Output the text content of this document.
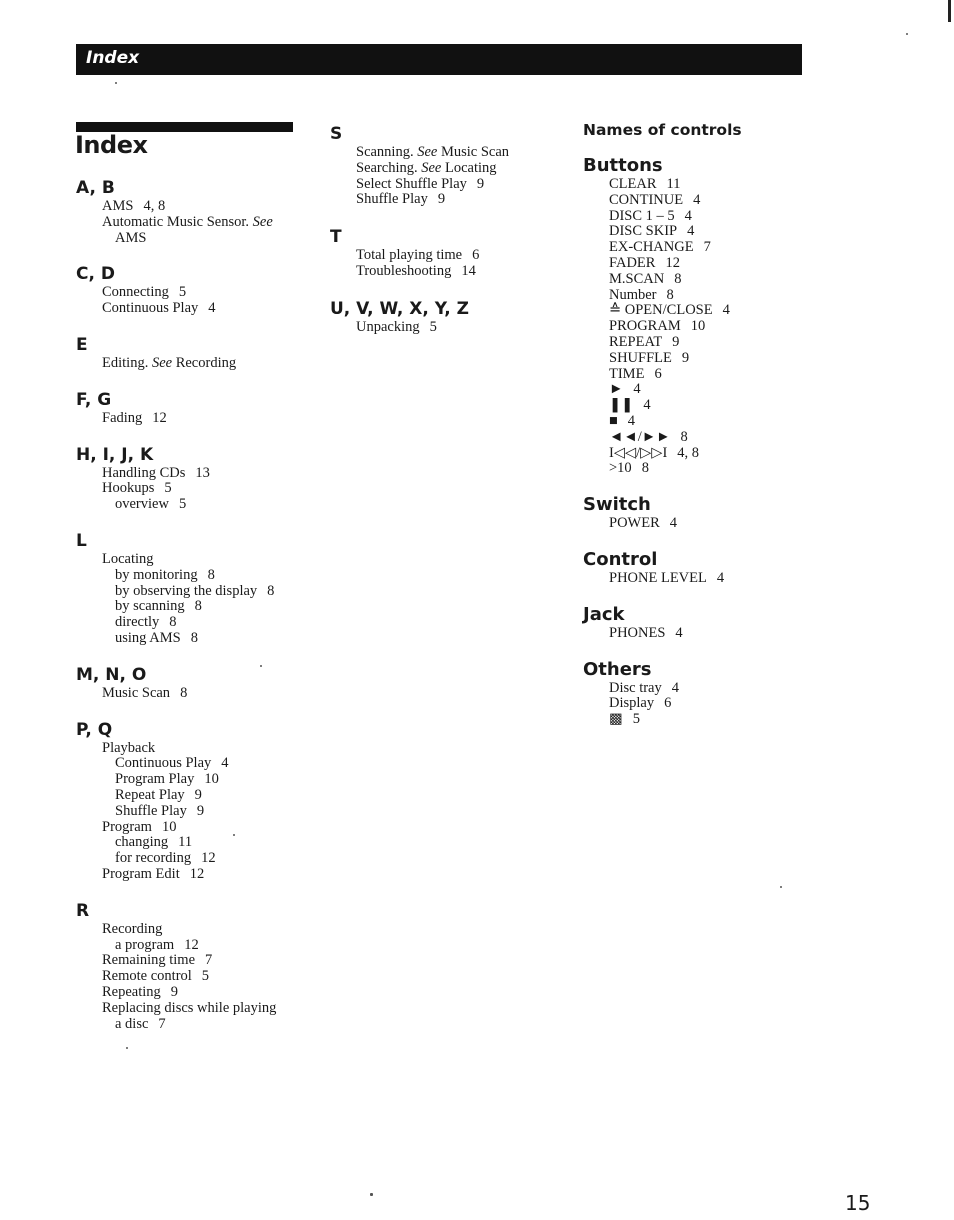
Index
Index
A, B
AMS 4, 8
Automatic Music Sensor. See
AMS
C, D
Connecting 5
Continuous Play 4
E
Editing. See Recording
F, G
Fading 12
H, I, J, K
Handling CDs 13
Hookups 5
overview 5
L
Locating
by monitoring 8
by observing the display 8
by scanning 8
directly 8
using AMS 8
M, N, O
Music Scan 8
P, Q
Playback
Continuous Play 4
Program Play 10
Repeat Play 9
Shuffle Play 9
Program 10
changing 11
for recording 12
Program Edit 12
R
Recording
a program 12
Remaining time 7
Remote control 5
Repeating 9
Replacing discs while playing
a disc 7
S
Scanning. See Music Scan
Searching. See Locating
Select Shuffle Play 9
Shuffle Play 9
T
Total playing time 6
Troubleshooting 14
U, V, W, X, Y, Z
Unpacking 5
Names of controls
Buttons
CLEAR 11
CONTINUE 4
DISC 1 – 5 4
DISC SKIP 4
EX-CHANGE 7
FADER 12
M.SCAN 8
Number 8
≙ OPEN/CLOSE 4
PROGRAM 10
REPEAT 9
SHUFFLE 9
TIME 6
► 4
❚❚ 4
■ 4
◄◄/►► 8
I◁◁/▷▷I 4, 8
>10 8
Switch
POWER 4
Control
PHONE LEVEL 4
Jack
PHONES 4
Others
Disc tray 4
Display 6
▩ 5
15
